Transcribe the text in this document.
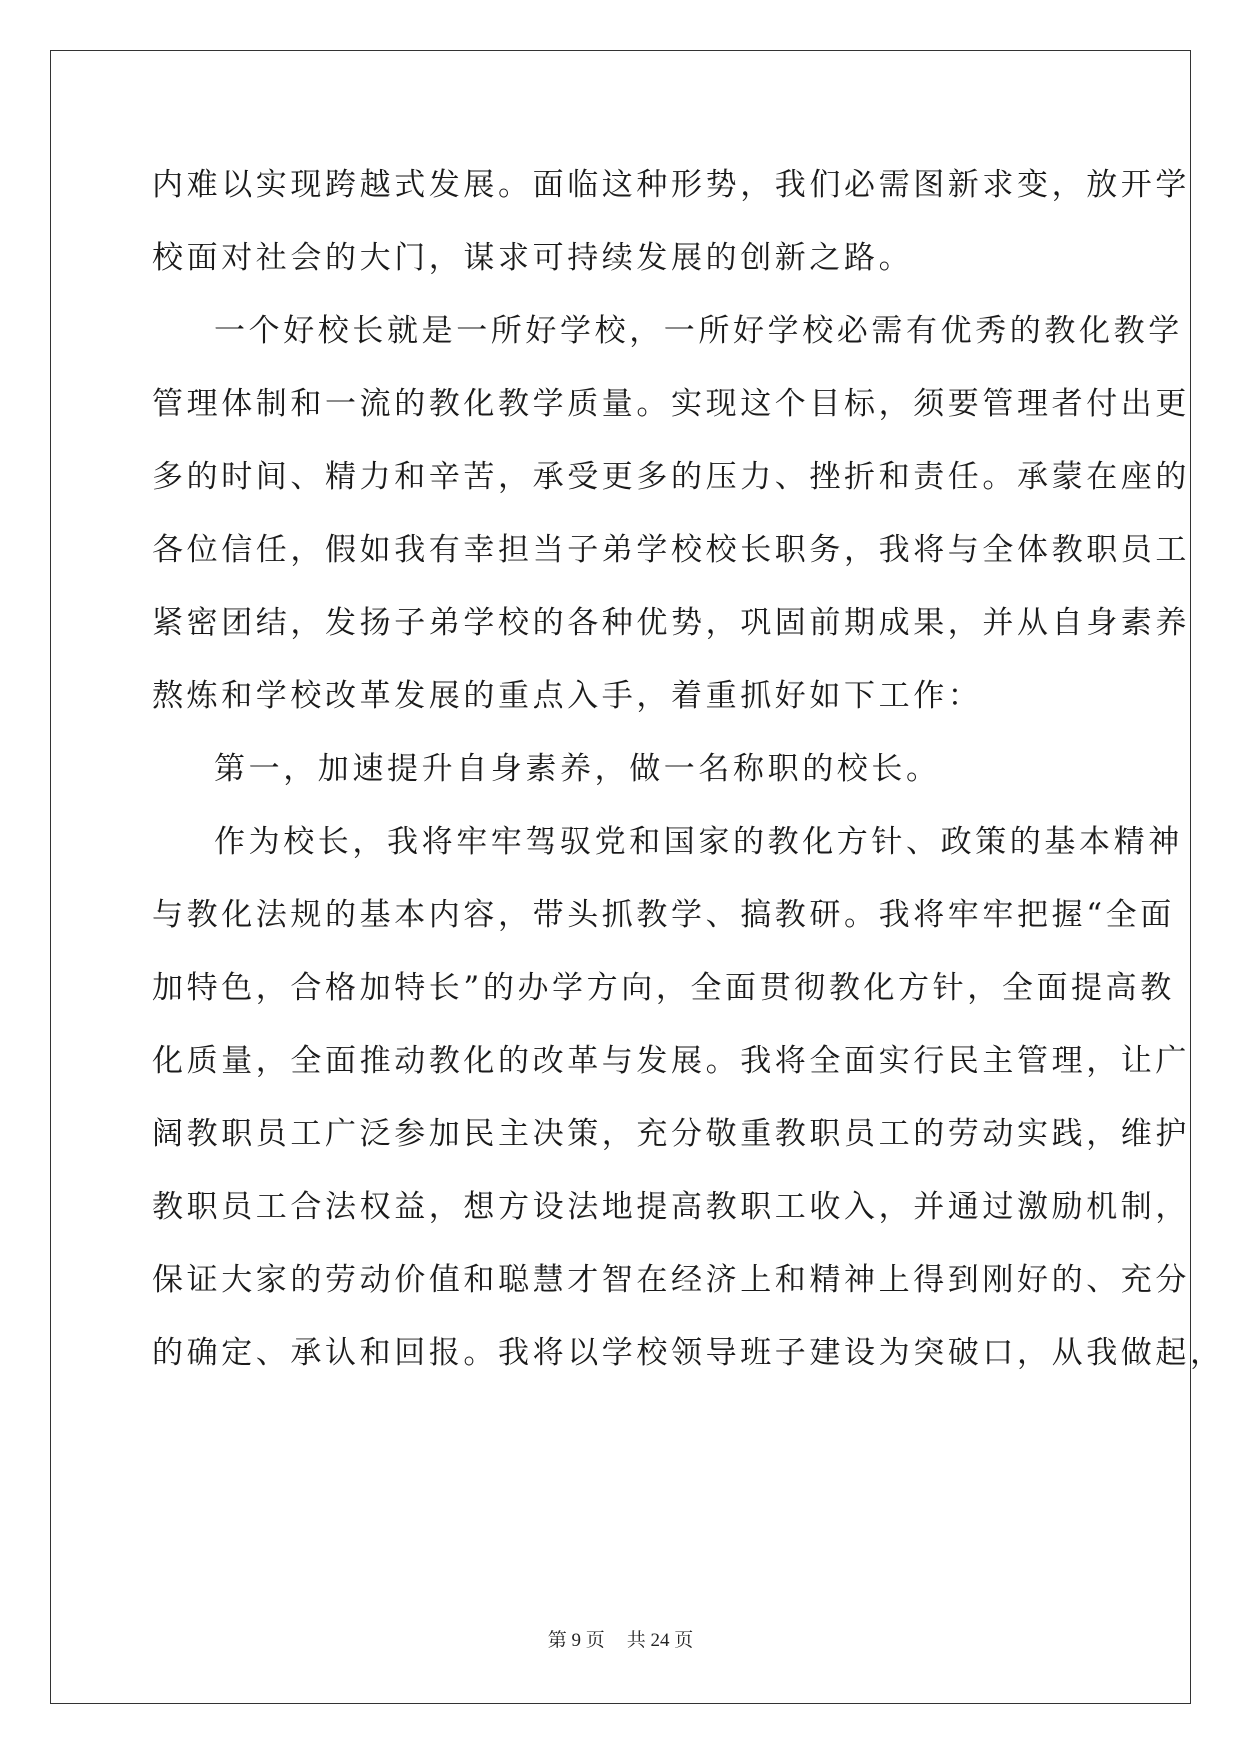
内难以实现跨越式发展。面临这种形势，我们必需图新求变，放开学
校面对社会的大门，谋求可持续发展的创新之路。
一个好校长就是一所好学校，一所好学校必需有优秀的教化教学
管理体制和一流的教化教学质量。实现这个目标，须要管理者付出更
多的时间、精力和辛苦，承受更多的压力、挫折和责任。承蒙在座的
各位信任，假如我有幸担当子弟学校校长职务，我将与全体教职员工
紧密团结，发扬子弟学校的各种优势，巩固前期成果，并从自身素养
熬炼和学校改革发展的重点入手，着重抓好如下工作：
第一，加速提升自身素养，做一名称职的校长。
作为校长，我将牢牢驾驭党和国家的教化方针、政策的基本精神
与教化法规的基本内容，带头抓教学、搞教研。我将牢牢把握“全面
加特色，合格加特长”的办学方向，全面贯彻教化方针，全面提高教
化质量，全面推动教化的改革与发展。我将全面实行民主管理，让广
阔教职员工广泛参加民主决策，充分敬重教职员工的劳动实践，维护
教职员工合法权益，想方设法地提高教职工收入，并通过激励机制，
保证大家的劳动价值和聪慧才智在经济上和精神上得到刚好的、充分
的确定、承认和回报。我将以学校领导班子建设为突破口，从我做起，
第 9 页 共 24 页
